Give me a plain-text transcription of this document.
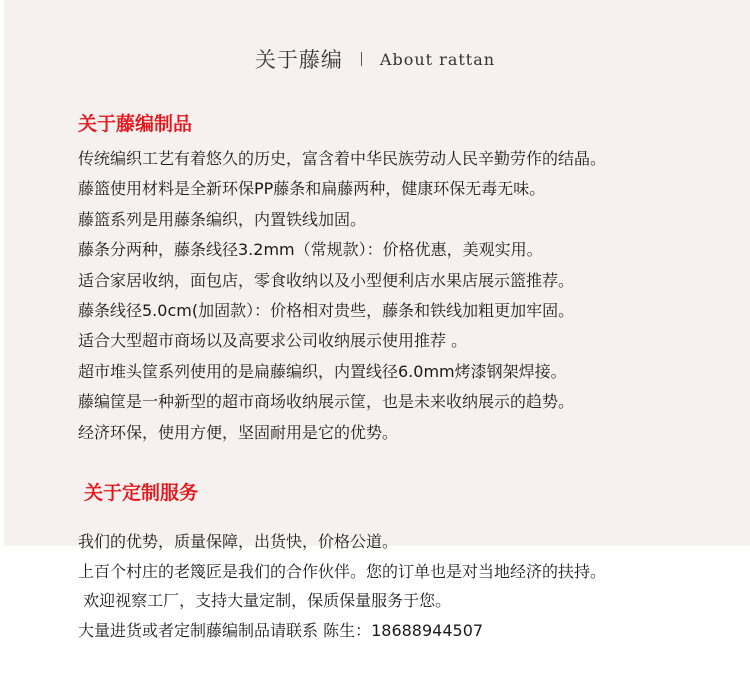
关于藤编 About rattan
关于藤编制品
传统编织工艺有着悠久的历史，富含着中华民族劳动人民辛勤劳作的结晶。
藤篮使用材料是全新环保PP藤条和扁藤两种，健康环保无毒无味。
藤篮系列是用藤条编织，内置铁线加固。
藤条分两种，藤条线径3.2mm（常规款）：价格优惠，美观实用。
适合家居收纳，面包店，零食收纳以及小型便利店水果店展示篮推荐。
藤条线径5.0cm(加固款）：价格相对贵些，藤条和铁线加粗更加牢固。
适合大型超市商场以及高要求公司收纳展示使用推荐 。
超市堆头筐系列使用的是扁藤编织，内置线径6.0mm烤漆钢架焊接。
藤编筐是一种新型的超市商场收纳展示筐，也是未来收纳展示的趋势。
经济环保，使用方便，坚固耐用是它的优势。
关于定制服务
我们的优势，质量保障，出货快，价格公道。
上百个村庄的老篾匠是我们的合作伙伴。您的订单也是对当地经济的扶持。
欢迎视察工厂，支持大量定制，保质保量服务于您。
大量进货或者定制藤编制品请联系 陈生：18688944507
